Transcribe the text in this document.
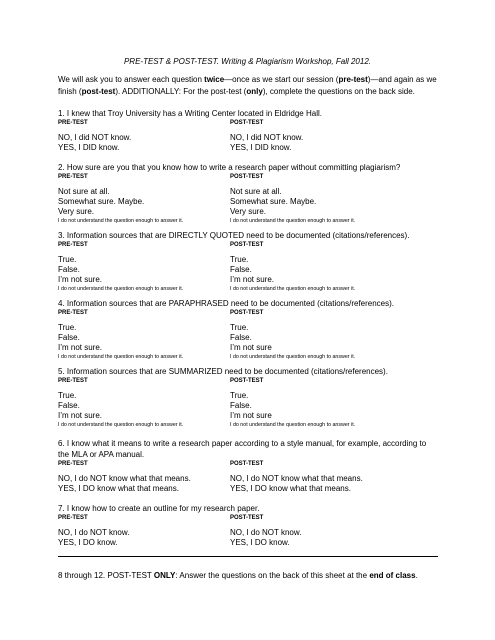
PRE-TEST & POST-TEST. Writing & Plagiarism Workshop, Fall 2012.
We will ask you to answer each question twice—once as we start our session (pre-test)—and again as we finish (post-test). ADDITIONALLY: For the post-test (only), complete the questions on the back side.
1. I knew that Troy University has a Writing Center located in Eldridge Hall.
PRE-TEST
NO, I did NOT know.
YES, I DID know.
POST-TEST
NO, I did NOT know.
YES, I DID know.
2. How sure are you that you know how to write a research paper without committing plagiarism?
PRE-TEST
Not sure at all.
Somewhat sure. Maybe.
Very sure.
I do not understand the question enough to answer it.
POST-TEST
Not sure at all.
Somewhat sure. Maybe.
Very sure.
I do not understand the question enough to answer it.
3. Information sources that are DIRECTLY QUOTED need to be documented (citations/references).
PRE-TEST
True.
False.
I’m not sure.
I do not understand the question enough to answer it.
POST-TEST
True.
False.
I’m not sure.
I do not understand the question enough to answer it.
4. Information sources that are PARAPHRASED need to be documented (citations/references).
PRE-TEST
True.
False.
I’m not sure.
I do not understand the question enough to answer it.
POST-TEST
True.
False.
I’m not sure
I do not understand the question enough to answer it.
5. Information sources that are SUMMARIZED need to be documented (citations/references).
PRE-TEST
True.
False.
I’m not sure.
I do not understand the question enough to answer it.
POST-TEST
True.
False.
I’m not sure
I do not understand the question enough to answer it.
6. I know what it means to write a research paper according to a style manual, for example, according to the MLA or APA manual.
PRE-TEST
NO, I do NOT know what that means.
YES, I DO know what that means.
POST-TEST
NO, I do NOT know what that means.
YES, I DO know what that means.
7. I know how to create an outline for my research paper.
PRE-TEST
NO, I do NOT know.
YES, I DO know.
POST-TEST
NO, I do NOT know.
YES, I DO know.
8 through 12. POST-TEST ONLY: Answer the questions on the back of this sheet at the end of class.
